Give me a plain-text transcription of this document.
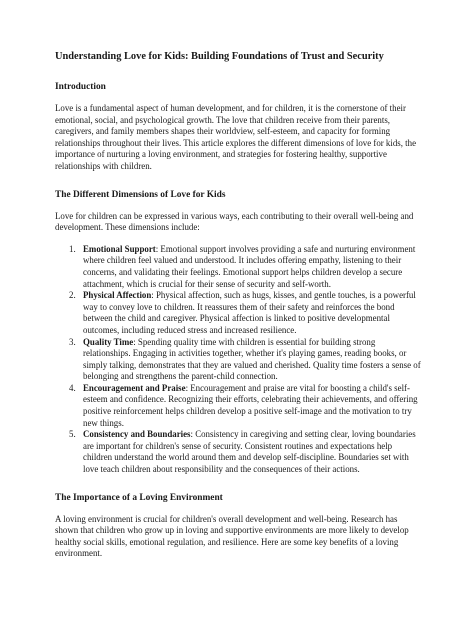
Understanding Love for Kids: Building Foundations of Trust and Security
Introduction
Love is a fundamental aspect of human development, and for children, it is the cornerstone of their emotional, social, and psychological growth. The love that children receive from their parents, caregivers, and family members shapes their worldview, self-esteem, and capacity for forming relationships throughout their lives. This article explores the different dimensions of love for kids, the importance of nurturing a loving environment, and strategies for fostering healthy, supportive relationships with children.
The Different Dimensions of Love for Kids
Love for children can be expressed in various ways, each contributing to their overall well-being and development. These dimensions include:
1. Emotional Support: Emotional support involves providing a safe and nurturing environment where children feel valued and understood. It includes offering empathy, listening to their concerns, and validating their feelings. Emotional support helps children develop a secure attachment, which is crucial for their sense of security and self-worth.
2. Physical Affection: Physical affection, such as hugs, kisses, and gentle touches, is a powerful way to convey love to children. It reassures them of their safety and reinforces the bond between the child and caregiver. Physical affection is linked to positive developmental outcomes, including reduced stress and increased resilience.
3. Quality Time: Spending quality time with children is essential for building strong relationships. Engaging in activities together, whether it's playing games, reading books, or simply talking, demonstrates that they are valued and cherished. Quality time fosters a sense of belonging and strengthens the parent-child connection.
4. Encouragement and Praise: Encouragement and praise are vital for boosting a child's self-esteem and confidence. Recognizing their efforts, celebrating their achievements, and offering positive reinforcement helps children develop a positive self-image and the motivation to try new things.
5. Consistency and Boundaries: Consistency in caregiving and setting clear, loving boundaries are important for children's sense of security. Consistent routines and expectations help children understand the world around them and develop self-discipline. Boundaries set with love teach children about responsibility and the consequences of their actions.
The Importance of a Loving Environment
A loving environment is crucial for children's overall development and well-being. Research has shown that children who grow up in loving and supportive environments are more likely to develop healthy social skills, emotional regulation, and resilience. Here are some key benefits of a loving environment.
